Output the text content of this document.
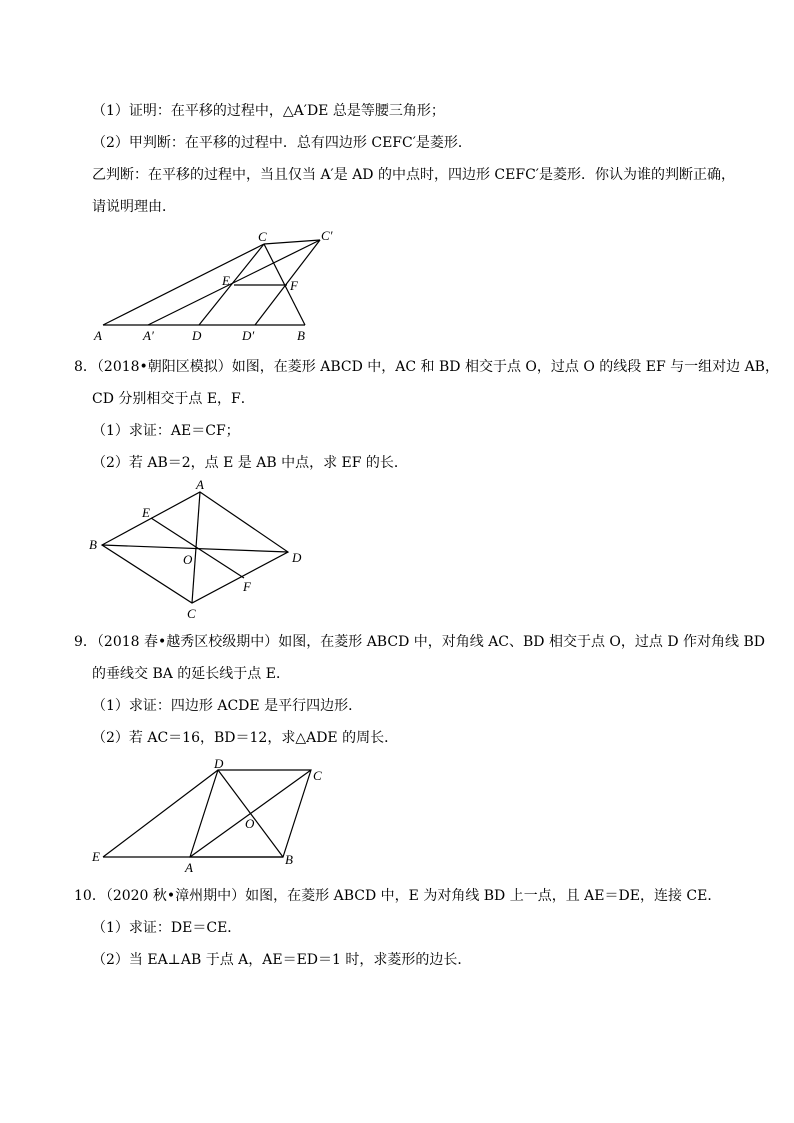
（1）证明：在平移的过程中，△A′DE 总是等腰三角形；
（2）甲判断：在平移的过程中．总有四边形 CEFC′是菱形．
乙判断：在平移的过程中，当且仅当 A′是 AD 的中点时，四边形 CEFC′是菱形．你认为谁的判断正确，
请说明理由．
C	C′
E	F
A	A′	D	D′	B
8．（2018•朝阳区模拟）如图，在菱形 ABCD 中，AC 和 BD 相交于点 O，过点 O 的线段 EF 与一组对边 AB，
CD 分别相交于点 E，F．
（1）求证：AE＝CF；
（2）若 AB＝2，点 E 是 AB 中点，求 EF 的长．
A
E
B
O	D
F
C
9．（2018 春•越秀区校级期中）如图，在菱形 ABCD 中，对角线 AC、BD 相交于点 O，过点 D 作对角线 BD
的垂线交 BA 的延长线于点 E．
（1）求证：四边形 ACDE 是平行四边形．
（2）若 AC＝16，BD＝12，求△ADE 的周长．
D
C
O
E
A
B
10．（2020 秋•漳州期中）如图，在菱形 ABCD 中，E 为对角线 BD 上一点，且 AE＝DE，连接 CE．
（1）求证：DE＝CE．
（2）当 EA⊥AB 于点 A，AE＝ED＝1 时，求菱形的边长．
